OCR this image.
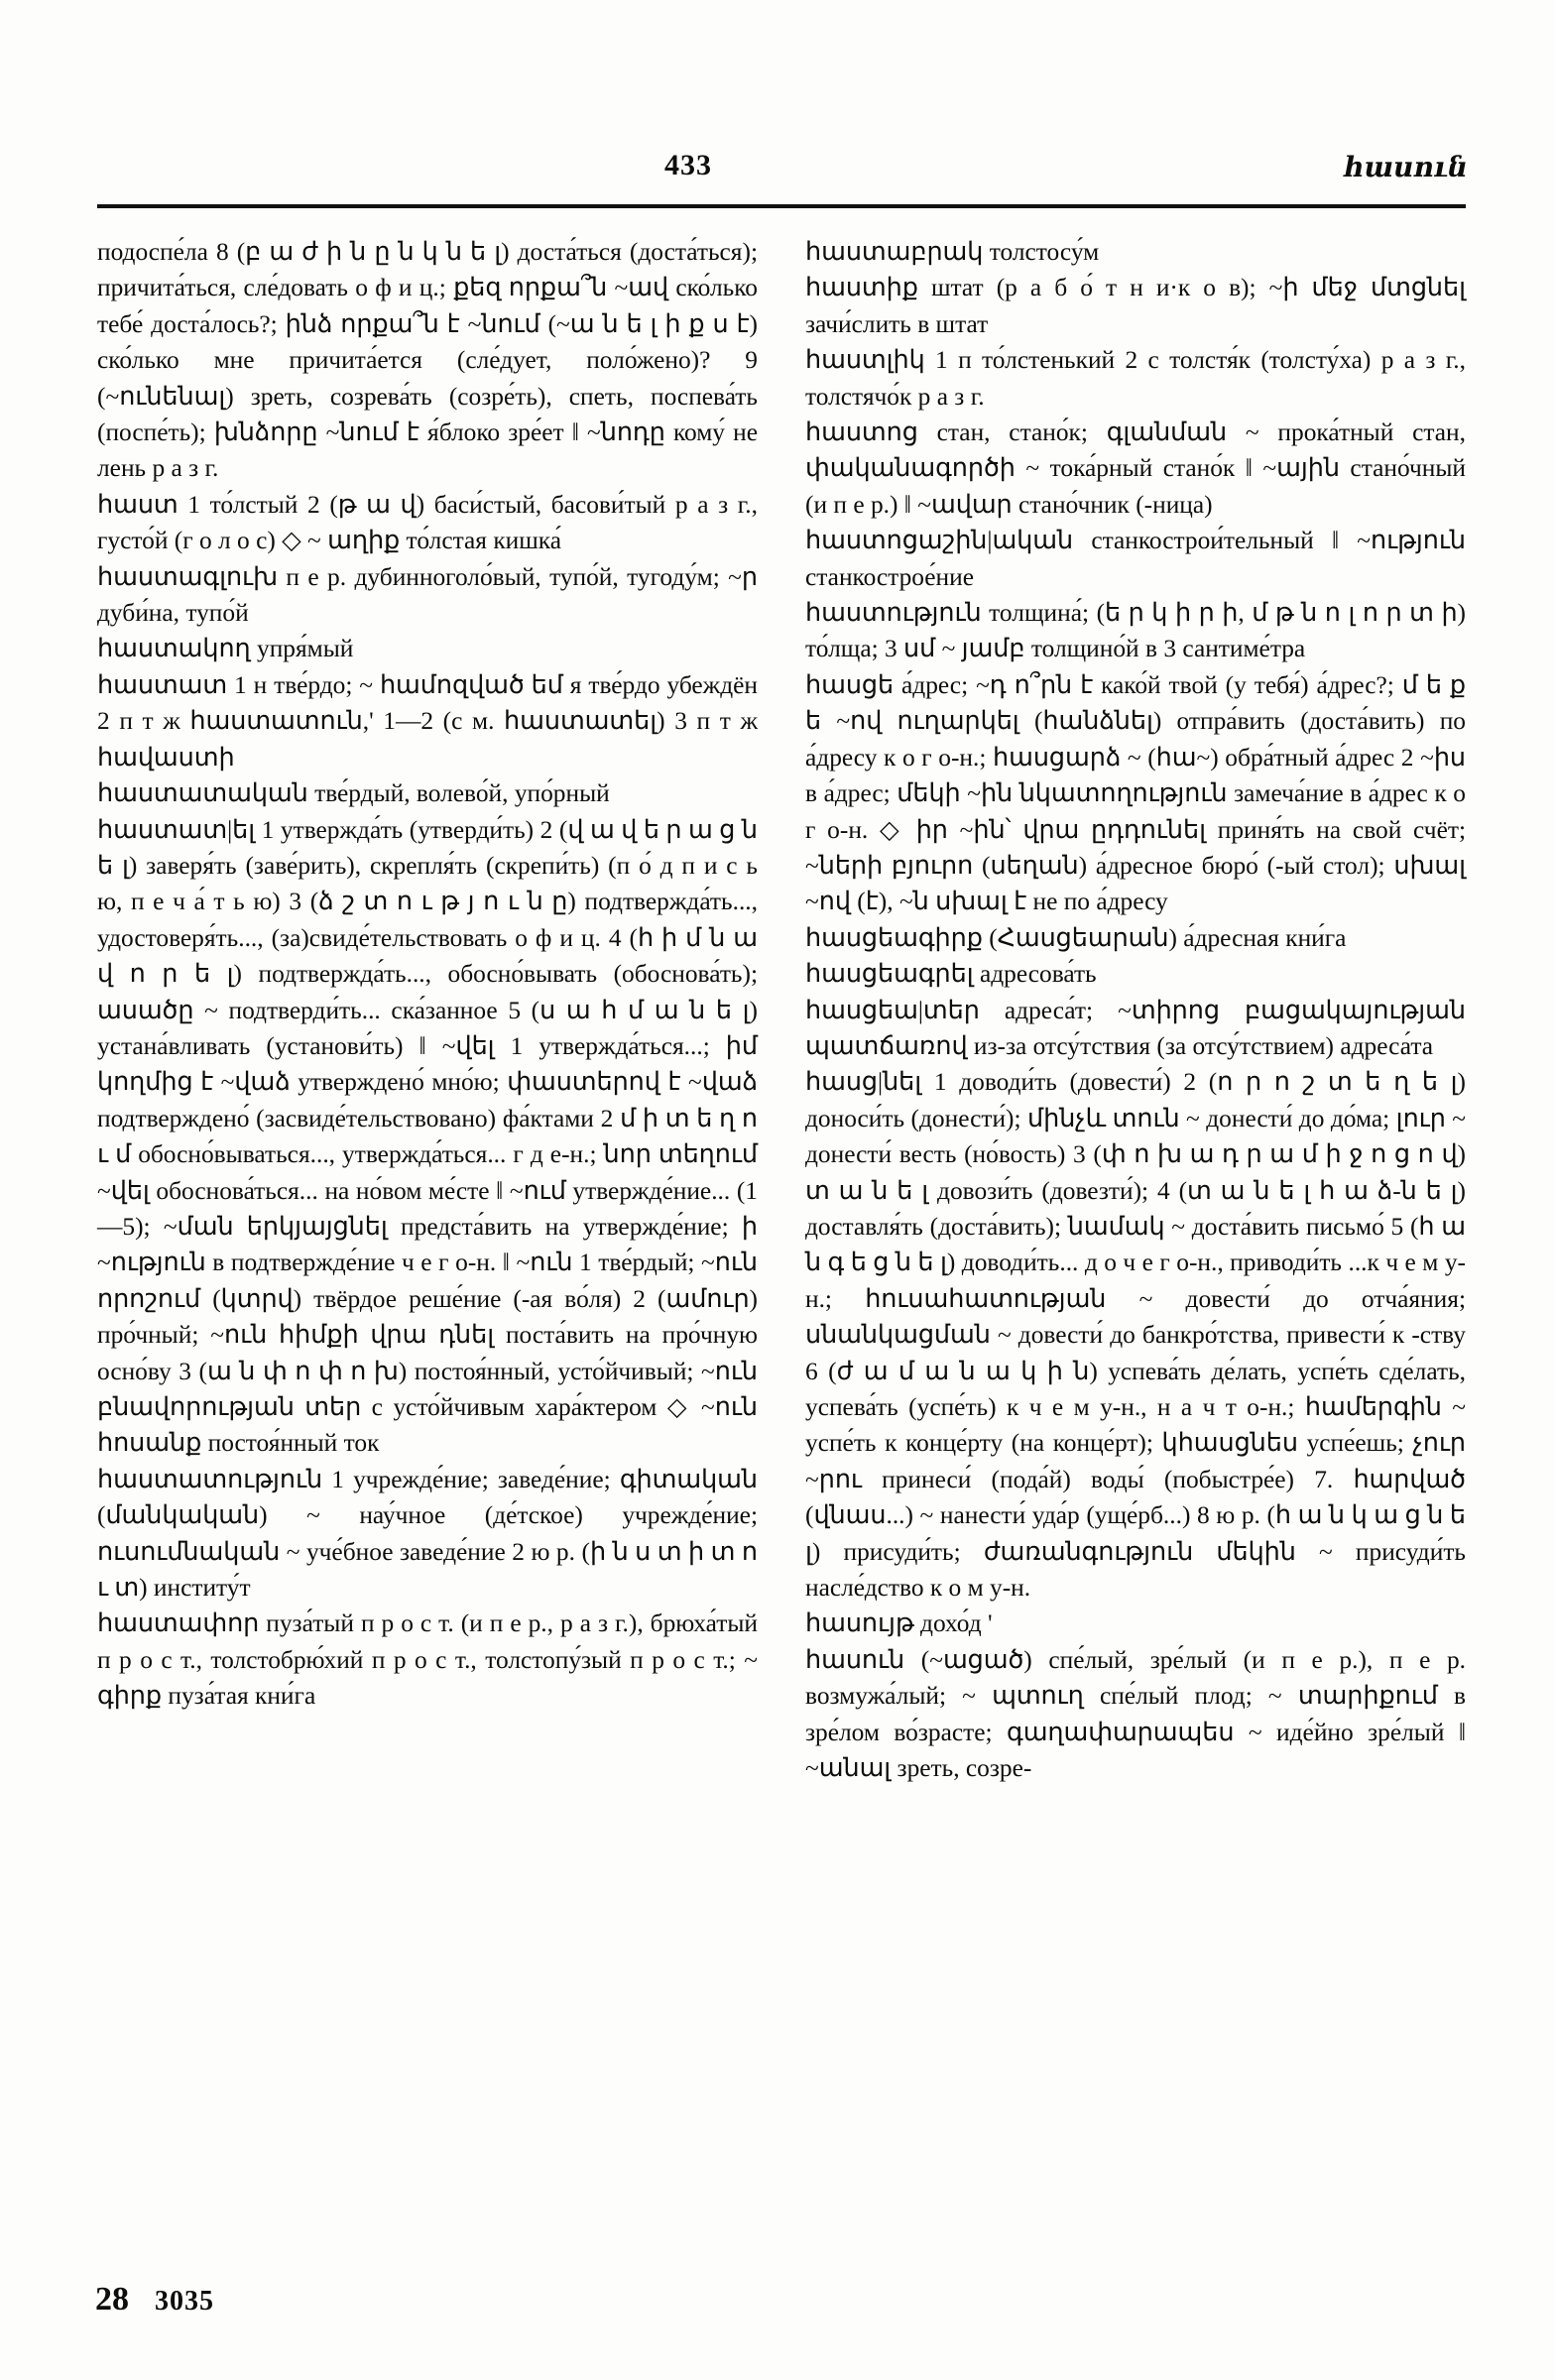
433	հասուն

подоспе́ла 8 (բ ա ժ ի ն ը ն կ ն ե լ) доста́ться (доста́ться); причита́ться, сле́довать о ф и ц.; քեզ որքա՞ն ~ավ ско́лько тебе́ доста́лось?; ինձ որքա՞ն է ~նում (~ա ն ե լ ի ք ս է) ско́лько мне причита́ется (сле́дует, поло́жено)? 9 (~ունենալ) зреть, созрева́ть (созре́ть), спеть, поспева́ть (поспе́ть); խնձորը ~նում է я́блоко зре́ет ‖ ~նոդը кому́ не лень р а з г.

հաստ 1 то́лстый 2 (թ ա վ) баси́стый, басови́тый р а з г., густо́й (г о л о с) ◇ ~ աղիք то́лстая кишка́

հաստագլուխ п е р. дубинноголо́вый, тупо́й, тугоду́м; ~ր дуби́на, тупо́й

հաստակող упря́мый

հաստատ 1 н тве́рдо; ~ համոզված եմ я тве́рдо убеждён 2 п т ж հաստատուն,' 1—2 (с м. հաստատել) 3 п т ж հավաստի

հաստատական тве́рдый, волево́й, упо́рный

հաստատ|ել 1 утвержда́ть (утверди́ть) 2 (վ ա վ ե ր ա ց ն ե լ) заверя́ть (заве́рить), скрепля́ть (скрепи́ть) (п о́ д п и с ь ю, п е ч а́ т ь ю) 3 (ձ շ տ ո ւ թ յ ո ւ ն ը) подтвержда́ть..., удостоверя́ть..., (за)свиде́тельствовать о ф и ц. 4 (հ ի մ ն ա վ ո ր ե լ) подтвержда́ть..., обосно́вывать (обоснова́ть); ասածը ~ подтверди́ть... ска́занное 5 (ս ա հ մ ա ն ե լ) устана́вливать (установи́ть) ‖ ~վել 1 утвержда́ться...; իմ կողմից է ~վաձ утверждено́ мно́ю; փաստերով է ~վաձ подтверждено́ (засвиде́тельствовано) фа́ктами 2 մ ի տ ե ղ ո ւ մ обосно́вываться..., утвержда́ться... г д е-н.; նոր տեղում ~վել обоснова́ться... на но́вом ме́сте ‖ ~ում утвержде́ние... (1—5); ~ման երկյայցնել предста́вить на утвержде́ние; ի ~ություն в подтвержде́ние ч е г о-н. ‖ ~ուն 1 тве́рдый; ~ուն որոշում (կտրվ) твёрдое реше́ние (-ая во́ля) 2 (ամուր) про́чный; ~ուն հիմքի վրա դնել поста́вить на про́чную осно́ву 3 (ա ն փ ո փ ո խ) постоя́нный, усто́йчивый; ~ուն բնավորության տեր с усто́йчивым хара́ктером ◇ ~ուն հոսանք постоя́нный ток

հաստատություն 1 учрежде́ние; заведе́ние; գիտական (մանկական) ~ нау́чное (де́тское) учрежде́ние; ուսումնական ~ уче́бное заведе́ние 2 ю р. (ի ն ս տ ի տ ո ւ տ) институ́т

հաստափոր пуза́тый п р о с т. (и п е р., р а з г.), брюха́тый п р о с т., толстобрю́хий п р о с т., толстопу́зый п р о с т.; ~ գիրք пуза́тая кни́га

հաստաբրակ толстосу́м

հաստիք штат (р а б о́ т н и·к о в); ~ի մեջ մտցնել зачи́слить в штат

հաստլիկ 1 п то́лстенький 2 с толстя́к (толсту́ха) р а з г., толстячо́к р а з г.

հաստոց стан, стано́к; գլանման ~ прока́тный стан, փականագործի ~ тока́рный стано́к ‖ ~ային стано́чный (и п е р.) ‖ ~ավար стано́чник (-ница)

հաստոցաշին|ական станкострои́тельный ‖ ~ություն станкострое́ние

հաստություն толщина́; (ե ր կ ի ր ի, մ թ ն ո լ ո ր տ ի) то́лща; 3 սմ ~ յամբ толщино́й в 3 сантиме́тра

հասցե а́дрес; ~դ ո՞րն է како́й твой (у тебя́) а́дрес?; մ ե ք ե ~ով ուղարկել (հանձնել) отпра́вить (доста́вить) по а́дресу к о г о-н.; հասցարձ ~ (հա~) обра́тный а́дрес 2 ~իս в а́дрес; մեկի ~ին նկատողություն замеча́ние в а́дрес к о г о-н. ◇ իր ~ին՝ վրա ըդդունել приня́ть на свой счёт; ~ների բյուրո (սեղան) а́дресное бюро́ (-ый стол); սխալ ~ով (է), ~ն սխալ է не по а́дресу

հասցեագիրք (Հասցեարան) а́дресная кни́га

հասցեագրել адресова́ть

հասցեա|տեր адреса́т; ~տիրոց բացակայության պատճառով из-за отсу́тствия (за отсу́тствием) адреса́та

հասց|նել 1 доводи́ть (довести́) 2 (ո ր ո շ տ ե ղ ե լ) доноси́ть (донести́); մինչև տուն ~ донести́ до до́ма; լուր ~ донести́ весть (но́вость) 3 (փ ո խ ա դ ր ա մ ի ջ ո ց ո վ) տ ա ն ե լ довози́ть (довезти́); 4 (տ ա ն ե լ հ ա ձ-ն ե լ) доставля́ть (доста́вить); նամակ ~ доста́вить письмо́ 5 (հ ա ն գ ե ց ն ե լ) доводи́ть... д о ч е г о-н., приводи́ть ...к ч е м у-н.; հուսահատության ~ довести́ до отча́яния; սնանկացման ~ довести́ до банкро́тства, привести́ к -ству 6 (ժ ա մ ա ն ա կ ի ն) успева́ть де́лать, успе́ть сде́лать, успева́ть (успе́ть) к ч е м у-н., н а ч т о-н.; համերգին ~ успе́ть к конце́рту (на конце́рт); կհասցնես успе́ешь; չուր ~րու принеси́ (пода́й) воды́ (побыстре́е) 7. հարված (վնաս...) ~ нанести́ уда́р (уще́рб...) 8 ю р. (հ ա ն կ ա ց ն ե լ) присуди́ть; ժառանգություն մեկին ~ присуди́ть насле́дство к о м у-н.

հասույթ дохо́д '

հասուն (~ացած) спе́лый, зре́лый (и п е р.), п е р. возмужа́лый; ~ պտուղ спе́лый плод; ~ տարիքում в зре́лом во́зрасте; գաղափարապես ~ иде́йно зре́лый ‖ ~անալ зреть, созре-

28 3035
